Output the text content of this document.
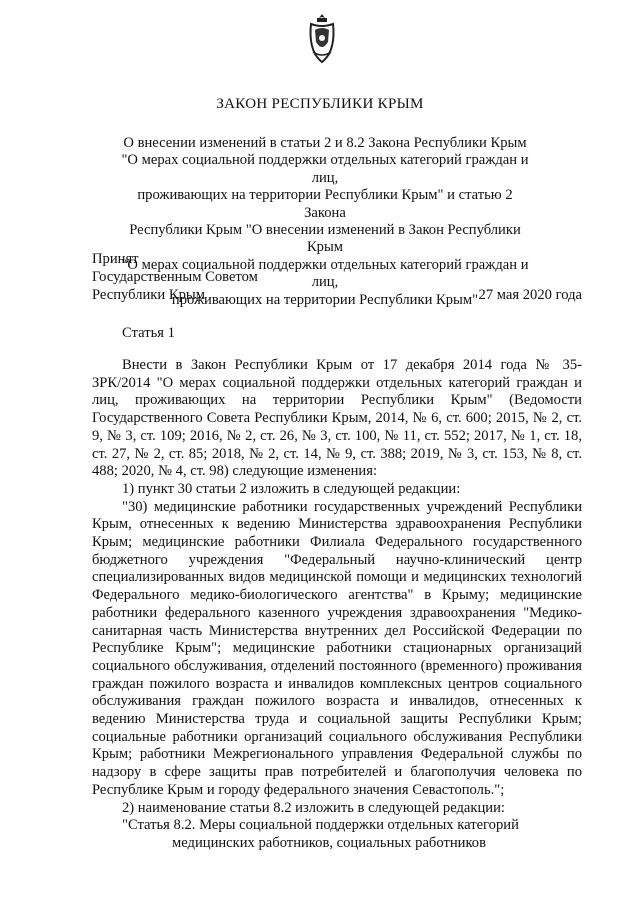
ЗАКОН РЕСПУБЛИКИ КРЫМ
О внесении изменений в статьи 2 и 8.2 Закона Республики Крым
"О мерах социальной поддержки отдельных категорий граждан и лиц,
проживающих на территории Республики Крым" и статью 2 Закона
Республики Крым "О внесении изменений в Закон Республики Крым
"О мерах социальной поддержки отдельных категорий граждан и лиц,
проживающих на территории Республики Крым"
Принят
Государственным Советом
Республики Крым	27 мая 2020 года
Статья 1

Внести в Закон Республики Крым от 17 декабря 2014 года № 35-ЗРК/2014 "О мерах социальной поддержки отдельных категорий граждан и лиц, проживающих на территории Республики Крым" (Ведомости Государственного Совета Республики Крым, 2014, № 6, ст. 600; 2015, № 2, ст. 9, № 3, ст. 109; 2016, № 2, ст. 26, № 3, ст. 100, № 11, ст. 552; 2017, № 1, ст. 18, ст. 27, № 2, ст. 85; 2018, № 2, ст. 14, № 9, ст. 388; 2019, № 3, ст. 153, № 8, ст. 488; 2020, № 4, ст. 98) следующие изменения:

1) пункт 30 статьи 2 изложить в следующей редакции:

"30) медицинские работники государственных учреждений Республики Крым, отнесенных к ведению Министерства здравоохранения Республики Крым; медицинские работники Филиала Федерального государственного бюджетного учреждения "Федеральный научно-клинический центр специализированных видов медицинской помощи и медицинских технологий Федерального медико-биологического агентства" в Крыму; медицинские работники федерального казенного учреждения здравоохранения "Медико-санитарная часть Министерства внутренних дел Российской Федерации по Республике Крым"; медицинские работники стационарных организаций социального обслуживания, отделений постоянного (временного) проживания граждан пожилого возраста и инвалидов комплексных центров социального обслуживания граждан пожилого возраста и инвалидов, отнесенных к ведению Министерства труда и социальной защиты Республики Крым; социальные работники организаций социального обслуживания Республики Крым; работники Межрегионального управления Федеральной службы по надзору в сфере защиты прав потребителей и благополучия человека по Республике Крым и городу федерального значения Севастополь.";

2) наименование статьи 8.2 изложить в следующей редакции:

"Статья 8.2. Меры социальной поддержки отдельных категорий
медицинских работников, социальных работников
